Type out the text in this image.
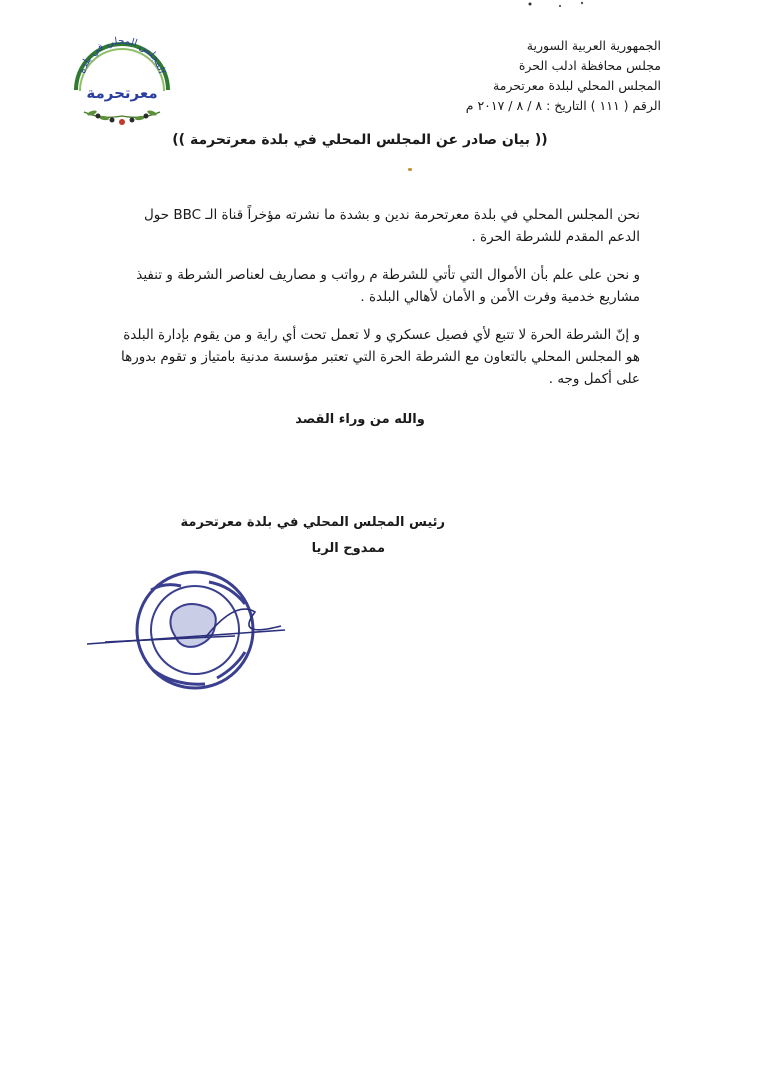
المجلس المحلي في بلدة
معرتحرمة
الجمهورية العربية السورية
مجلس محافظة ادلب الحرة
المجلس المحلي لبلدة معرتحرمة
الرقم ( ١١١ ) التاريخ : ٨ / ٨ / ٢٠١٧ م
(( بيان صادر عن المجلس المحلي في بلدة معرتحرمة ))

نحن المجلس المحلي في بلدة معرتحرمة ندين و بشدة ما نشرته مؤخراً قناة الـ BBC حول الدعم المقدم للشرطة الحرة .

و نحن على علم بأن الأموال التي تأتي للشرطة م رواتب و مصاريف لعناصر الشرطة و تنفيذ مشاريع خدمية وفرت الأمن و الأمان لأهالي البلدة .

و إنّ الشرطة الحرة لا تتبع لأي فصيل عسكري و لا تعمل تحت أي راية و من يقوم بإدارة البلدة هو المجلس المحلي بالتعاون مع الشرطة الحرة التي تعتبر مؤسسة مدنية بامتياز و تقوم بدورها على أكمل وجه .

والله من وراء القصد
رئيس المجلس المحلي في بلدة معرتحرمة
ممدوح الريا
